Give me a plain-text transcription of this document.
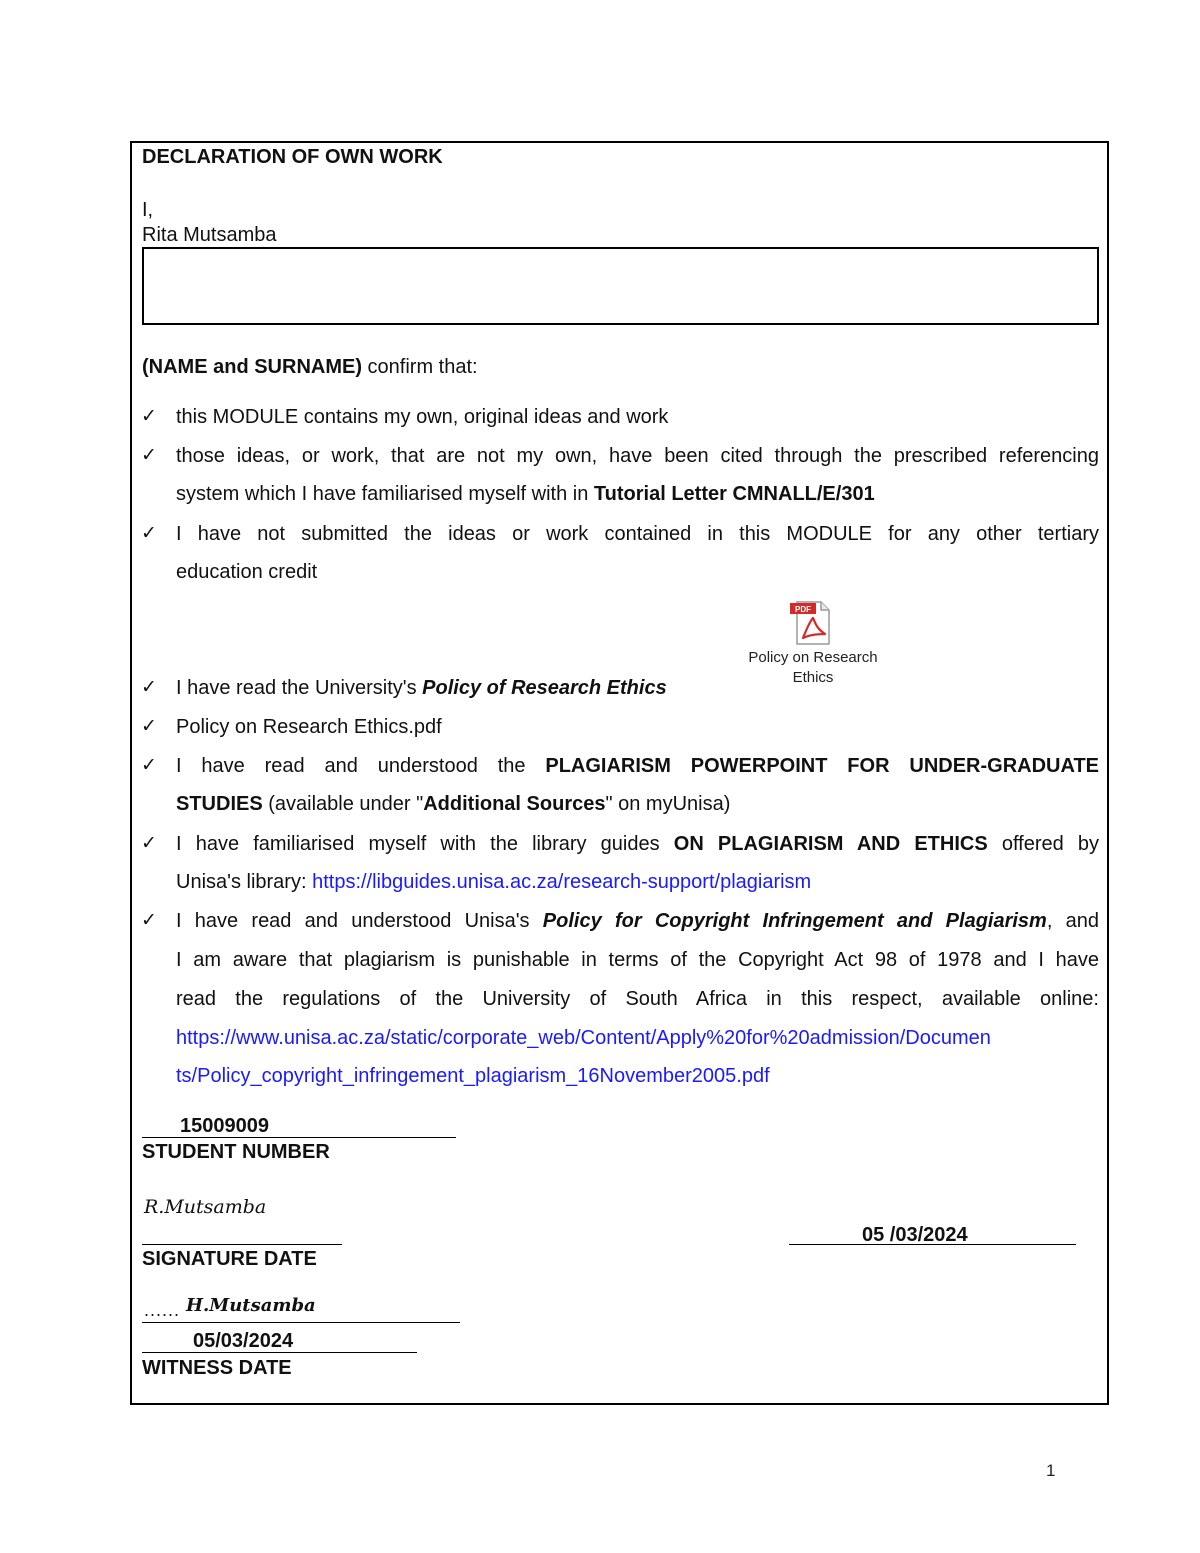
DECLARATION OF OWN WORK
I,
Rita Mutsamba
(NAME and SURNAME) confirm that:
✓ this MODULE contains my own, original ideas and work
✓ those ideas, or work, that are not my own, have been cited through the prescribed referencing
system which I have familiarised myself with in Tutorial Letter CMNALL/E/301
✓ I have not submitted the ideas or work contained in this MODULE for any other tertiary
education credit
PDF
Policy on Research
Ethics
✓ I have read the University's Policy of Research Ethics
✓ Policy on Research Ethics.pdf
✓ I have read and understood the PLAGIARISM POWERPOINT FOR UNDER-GRADUATE
STUDIES (available under "Additional Sources" on myUnisa)
✓ I have familiarised myself with the library guides ON PLAGIARISM AND ETHICS offered by
Unisa's library: https://libguides.unisa.ac.za/research-support/plagiarism
✓ I have read and understood Unisa's Policy for Copyright Infringement and Plagiarism, and
I am aware that plagiarism is punishable in terms of the Copyright Act 98 of 1978 and I have
read the regulations of the University of South Africa in this respect, available online:
https://www.unisa.ac.za/static/corporate_web/Content/Apply%20for%20admission/Documen
ts/Policy_copyright_infringement_plagiarism_16November2005.pdf
15009009
STUDENT NUMBER
R.Mutsamba
SIGNATURE DATE
05 /03/2024
...... H.Mutsamba
05/03/2024
WITNESS DATE
1
